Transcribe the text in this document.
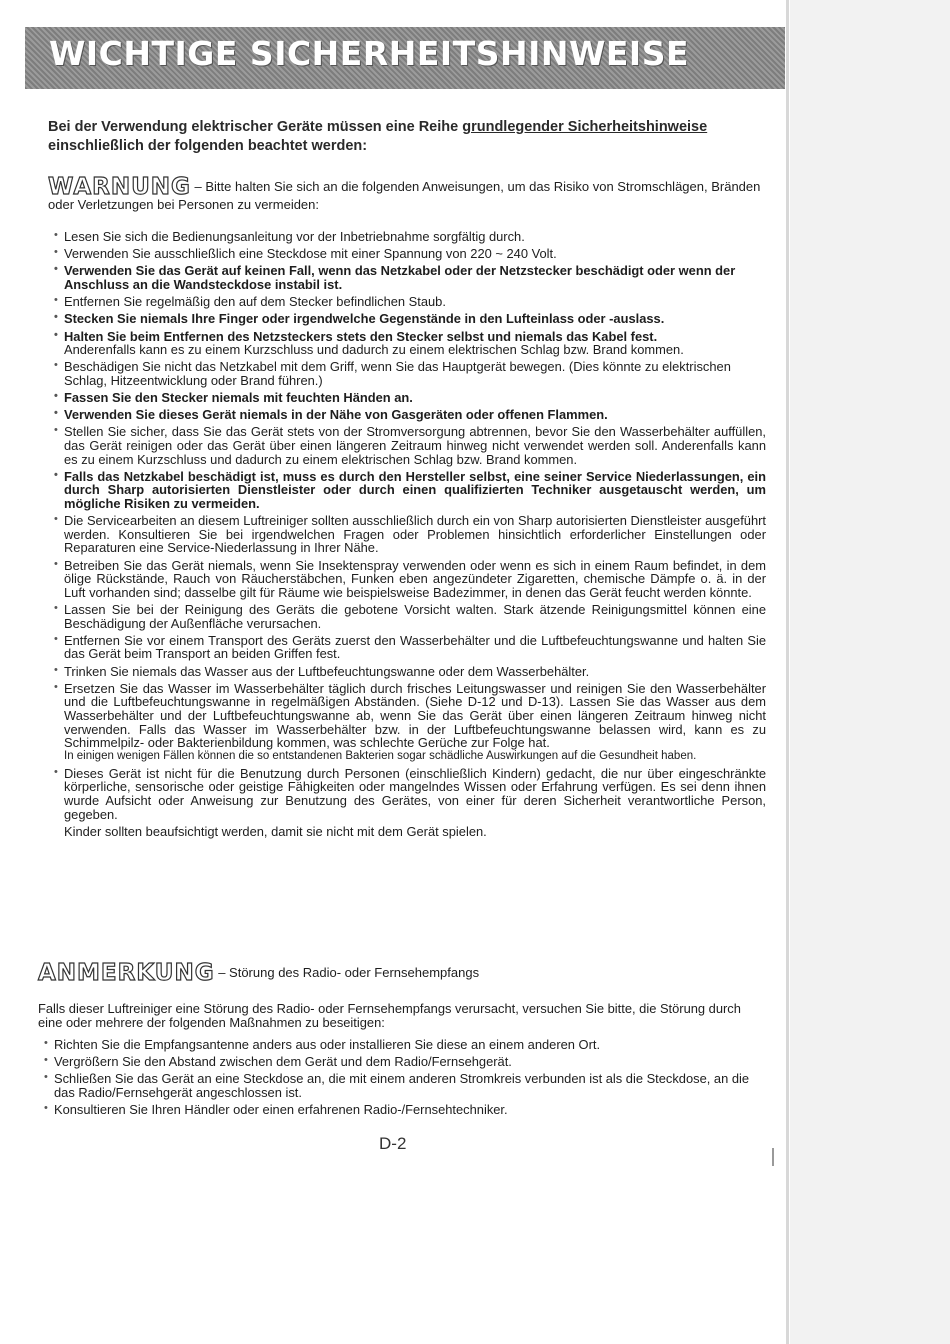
WICHTIGE SICHERHEITSHINWEISE
Bei der Verwendung elektrischer Geräte müssen eine Reihe grundlegender Sicherheitshinweise einschließlich der folgenden beachtet werden:
WARNUNG – Bitte halten Sie sich an die folgenden Anweisungen, um das Risiko von Stromschlägen, Bränden oder Verletzungen bei Personen zu vermeiden:
• Lesen Sie sich die Bedienungsanleitung vor der Inbetriebnahme sorgfältig durch.
• Verwenden Sie ausschließlich eine Steckdose mit einer Spannung von 220 ~ 240 Volt.
• Verwenden Sie das Gerät auf keinen Fall, wenn das Netzkabel oder der Netzstecker beschädigt oder wenn der Anschluss an die Wandsteckdose instabil ist.
• Entfernen Sie regelmäßig den auf dem Stecker befindlichen Staub.
• Stecken Sie niemals Ihre Finger oder irgendwelche Gegenstände in den Lufteinlass oder -auslass.
• Halten Sie beim Entfernen des Netzsteckers stets den Stecker selbst und niemals das Kabel fest.
Anderenfalls kann es zu einem Kurzschluss und dadurch zu einem elektrischen Schlag bzw. Brand kommen.
• Beschädigen Sie nicht das Netzkabel mit dem Griff, wenn Sie das Hauptgerät bewegen. (Dies könnte zu elektrischen Schlag, Hitzeentwicklung oder Brand führen.)
• Fassen Sie den Stecker niemals mit feuchten Händen an.
• Verwenden Sie dieses Gerät niemals in der Nähe von Gasgeräten oder offenen Flammen.
• Stellen Sie sicher, dass Sie das Gerät stets von der Stromversorgung abtrennen, bevor Sie den Wasserbehälter auffüllen, das Gerät reinigen oder das Gerät über einen längeren Zeitraum hinweg nicht verwendet werden soll. Anderenfalls kann es zu einem Kurzschluss und dadurch zu einem elektrischen Schlag bzw. Brand kommen.
• Falls das Netzkabel beschädigt ist, muss es durch den Hersteller selbst, eine seiner Service Niederlassungen, ein durch Sharp autorisierten Dienstleister oder durch einen qualifizierten Techniker ausgetauscht werden, um mögliche Risiken zu vermeiden.
• Die Servicearbeiten an diesem Luftreiniger sollten ausschließlich durch ein von Sharp autorisierten Dienstleister ausgeführt werden. Konsultieren Sie bei irgendwelchen Fragen oder Problemen hinsichtlich erforderlicher Einstellungen oder Reparaturen eine Service-Niederlassung in Ihrer Nähe.
• Betreiben Sie das Gerät niemals, wenn Sie Insektenspray verwenden oder wenn es sich in einem Raum befindet, in dem ölige Rückstände, Rauch von Räucherstäbchen, Funken eben angezündeter Zigaretten, chemische Dämpfe o. ä. in der Luft vorhanden sind; dasselbe gilt für Räume wie beispielsweise Badezimmer, in denen das Gerät feucht werden könnte.
• Lassen Sie bei der Reinigung des Geräts die gebotene Vorsicht walten. Stark ätzende Reinigungsmittel können eine Beschädigung der Außenfläche verursachen.
• Entfernen Sie vor einem Transport des Geräts zuerst den Wasserbehälter und die Luftbefeuchtungswanne und halten Sie das Gerät beim Transport an beiden Griffen fest.
• Trinken Sie niemals das Wasser aus der Luftbefeuchtungswanne oder dem Wasserbehälter.
• Ersetzen Sie das Wasser im Wasserbehälter täglich durch frisches Leitungswasser und reinigen Sie den Wasserbehälter und die Luftbefeuchtungswanne in regelmäßigen Abständen. (Siehe D-12 und D-13). Lassen Sie das Wasser aus dem Wasserbehälter und der Luftbefeuchtungswanne ab, wenn Sie das Gerät über einen längeren Zeitraum hinweg nicht verwenden. Falls das Wasser im Wasserbehälter bzw. in der Luftbefeuchtungswanne belassen wird, kann es zu Schimmelpilz- oder Bakterienbildung kommen, was schlechte Gerüche zur Folge hat.
In einigen wenigen Fällen können die so entstandenen Bakterien sogar schädliche Auswirkungen auf die Gesundheit haben.
• Dieses Gerät ist nicht für die Benutzung durch Personen (einschließlich Kindern) gedacht, die nur über eingeschränkte körperliche, sensorische oder geistige Fähigkeiten oder mangelndes Wissen oder Erfahrung verfügen. Es sei denn ihnen wurde Aufsicht oder Anweisung zur Benutzung des Gerätes, von einer für deren Sicherheit verantwortliche Person, gegeben.
Kinder sollten beaufsichtigt werden, damit sie nicht mit dem Gerät spielen.
ANMERKUNG – Störung des Radio- oder Fernsehempfangs
Falls dieser Luftreiniger eine Störung des Radio- oder Fernsehempfangs verursacht, versuchen Sie bitte, die Störung durch eine oder mehrere der folgenden Maßnahmen zu beseitigen:
• Richten Sie die Empfangsantenne anders aus oder installieren Sie diese an einem anderen Ort.
• Vergrößern Sie den Abstand zwischen dem Gerät und dem Radio/Fernsehgerät.
• Schließen Sie das Gerät an eine Steckdose an, die mit einem anderen Stromkreis verbunden ist als die Steckdose, an die das Radio/Fernsehgerät angeschlossen ist.
• Konsultieren Sie Ihren Händler oder einen erfahrenen Radio-/Fernsehtechniker.
D-2
